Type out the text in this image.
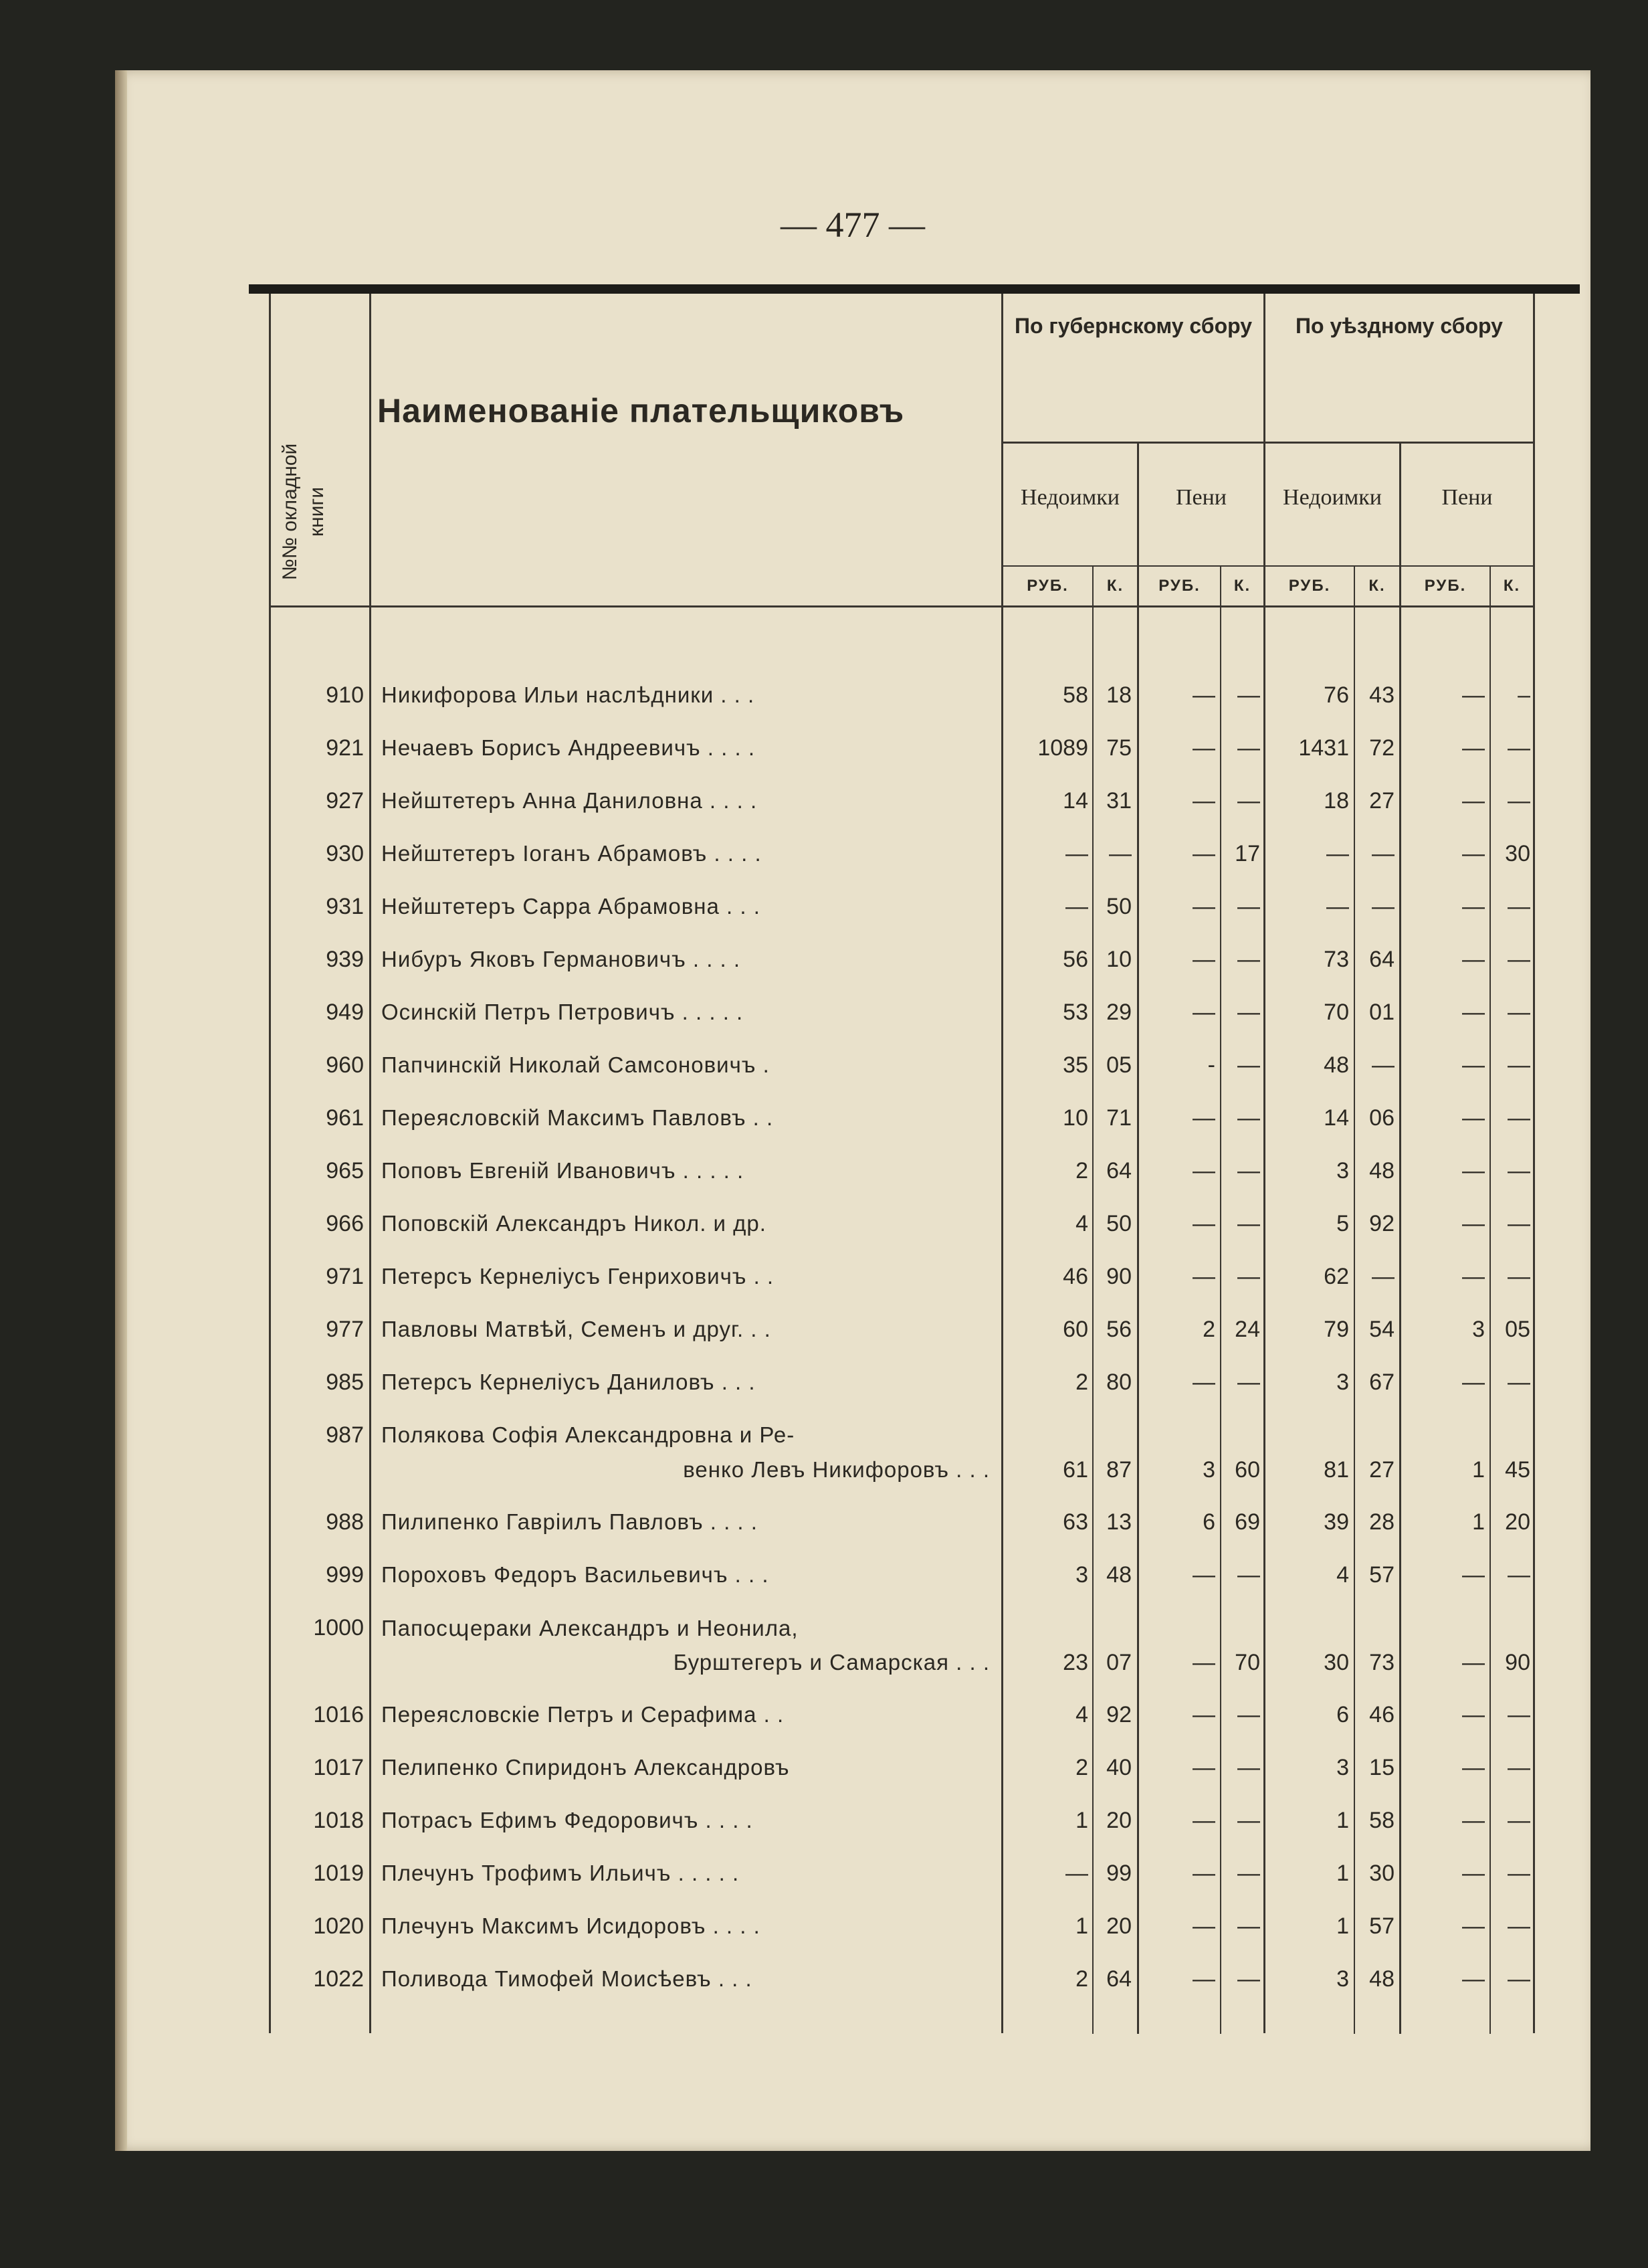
— 477 —
№№ окладной книги
Наименованіе плательщиковъ
По губернскому сбору	По уѣздному сбору
Недоимки	Пени	Недоимки	Пени
РУБ.	К.	РУБ.	К.	РУБ.	К.	РУБ.	К.
910 Никифорова Ильи наслѣдники . . .	58 18	— —	76 43	—	–
921 Нечаевъ Борисъ Андреевичъ . . . .	1089 75	— —	1431 72	—	—
927 Нейштетеръ Анна Даниловна . . . .	14 31	— —	18 27	—	—
930 Нейштетеръ Іоганъ Абрамовъ . . . .	— —	— 17	—	—	— 30
931 Нейштетеръ Сарра Абрамовна . . .	— 50	— —	—	—	—	—
939 Нибуръ Яковъ Германовичъ . . . .	56 10	— —	73 64	—	—
949 Осинскій Петръ Петровичъ . . . . .	53 29	— —	70 01	—	—
960 Папчинскій Николай Самсоновичъ .	35 05	- —	48	—	—	—
961 Переясловскій Максимъ Павловъ . .	10 71	— —	14 06	—	—
965 Поповъ Евгеній Ивановичъ . . . . .	2 64	— —	3 48	—	—
966 Поповскій Александръ Никол. и др.	4 50	— —	5 92	—	—
971 Петерсъ Кернеліусъ Генриховичъ . .	46 90	— —	62	—	—	—
977 Павловы Матвѣй, Семенъ и друг. . .	60 56	2 24	79 54	3 05
985 Петерсъ Кернеліусъ Даниловъ . . .	2 80	— —	3 67	—	—
987 Полякова Софія Александровна и Ре-
венко Левъ Никифоровъ . . .	61 87	3 60	81 27	1 45
988 Пилипенко Гавріилъ Павловъ . . . .	63 13	6 69	39 28	1 20
999 Пороховъ Федоръ Васильевичъ . . .	3 48	— —	4 57	—	—
1000 Папосպераки Александръ и Неонила,
Бурштегеръ и Самарская . . .	23 07	— 70	30 73	— 90
1016 Переясловскіе Петръ и Серафима . .	4 92	— —	6 46	—	—
1017 Пелипенко Спиридонъ Александровъ	2 40	— —	3 15	—	—
1018 Потрасъ Ефимъ Федоровичъ . . . .	1 20	— —	1 58	—	—
1019 Плечунъ Трофимъ Ильичъ . . . . .	— 99	— —	1 30	—	—
1020 Плечунъ Максимъ Исидоровъ . . . .	1 20	— —	1 57	—	—
1022 Поливода Тимофей Моисѣевъ . . .	2 64	— —	3 48	—	—
